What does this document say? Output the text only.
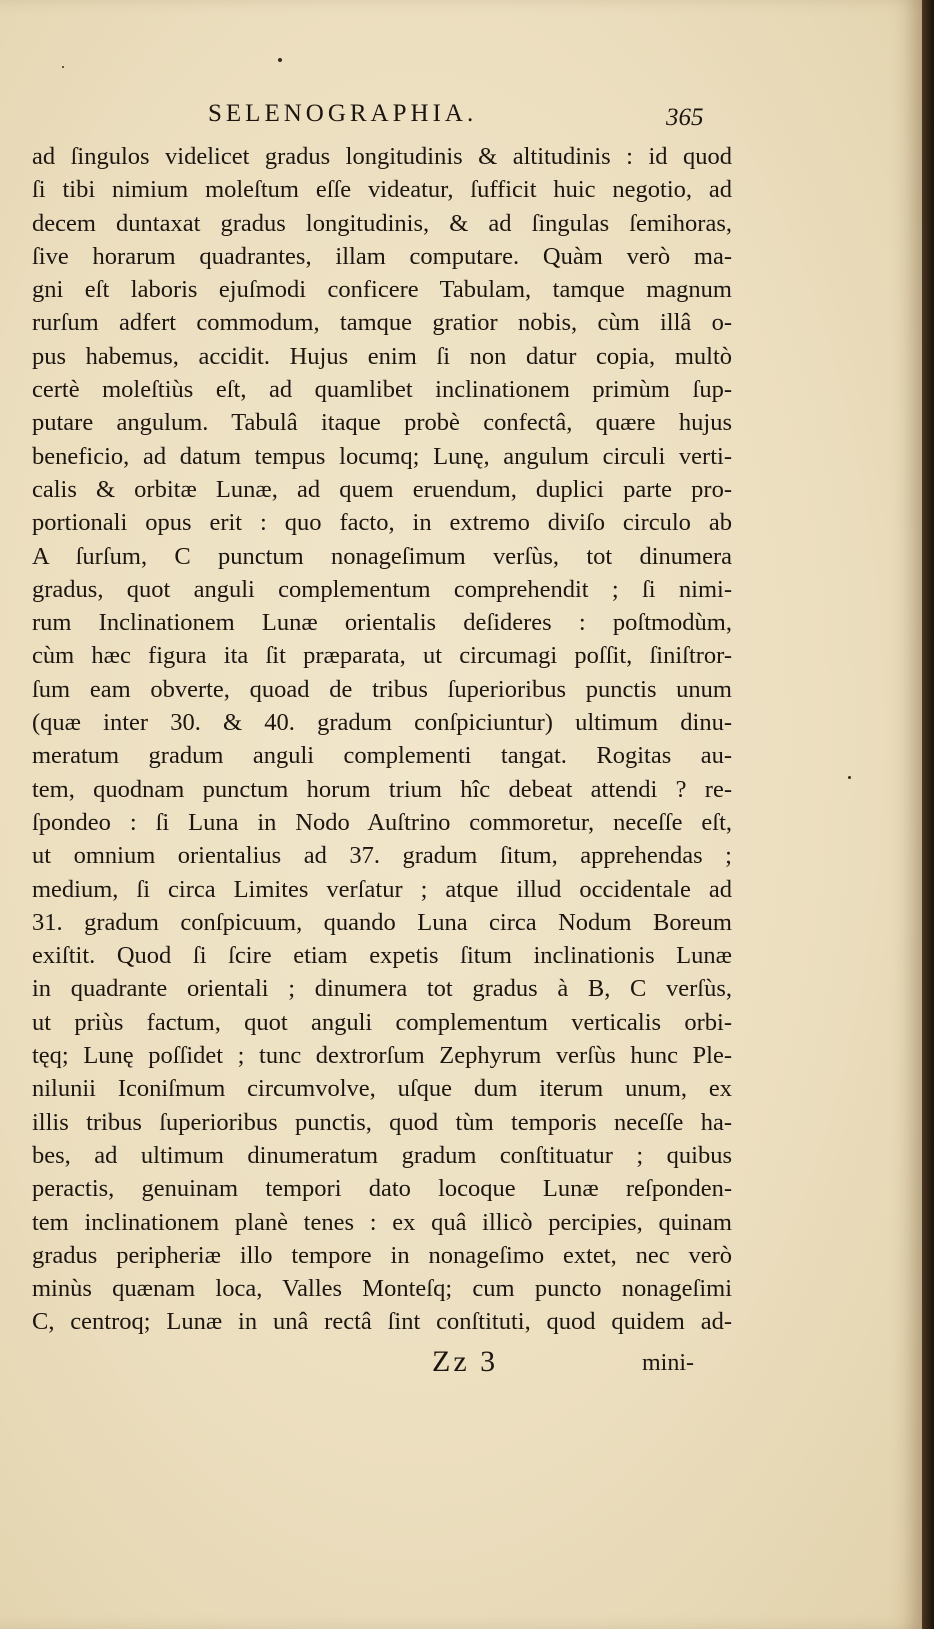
SELENOGRAPHIA.	365
ad ſingulos videlicet gradus longitudinis & altitudinis : id quod
ſi tibi nimium moleſtum eſſe videatur, ſufficit huic negotio, ad
decem duntaxat gradus longitudinis, & ad ſingulas ſemihoras,
ſive horarum quadrantes, illam computare. Quàm verò ma-
gni eſt laboris ejuſmodi conficere Tabulam, tamque magnum
rurſum adfert commodum, tamque gratior nobis, cùm illâ o-
pus habemus, accidit. Hujus enim ſi non datur copia, multò
certè moleſtiùs eſt, ad quamlibet inclinationem primùm ſup-
putare angulum. Tabulâ itaque probè confectâ, quære hujus
beneficio, ad datum tempus locumq; Lunę, angulum circuli verti-
calis & orbitæ Lunæ, ad quem eruendum, duplici parte pro-
portionali opus erit : quo facto, in extremo diviſo circulo ab
A ſurſum, C punctum nonageſimum verſùs, tot dinumera
gradus, quot anguli complementum comprehendit ; ſi nimi-
rum Inclinationem Lunæ orientalis deſideres : poſtmodùm,
cùm hæc figura ita ſit præparata, ut circumagi poſſit, ſiniſtror-
ſum eam obverte, quoad de tribus ſuperioribus punctis unum
(quæ inter 30. & 40. gradum conſpiciuntur) ultimum dinu-
meratum gradum anguli complementi tangat. Rogitas au-
tem, quodnam punctum horum trium hîc debeat attendi ? re-
ſpondeo : ſi Luna in Nodo Auſtrino commoretur, neceſſe eſt,
ut omnium orientalius ad 37. gradum ſitum, apprehendas ;
medium, ſi circa Limites verſatur ; atque illud occidentale ad
31. gradum conſpicuum, quando Luna circa Nodum Boreum
exiſtit. Quod ſi ſcire etiam expetis ſitum inclinationis Lunæ
in quadrante orientali ; dinumera tot gradus à B, C verſùs,
ut priùs factum, quot anguli complementum verticalis orbi-
tęq; Lunę poſſidet ; tunc dextrorſum Zephyrum verſùs hunc Ple-
nilunii Iconiſmum circumvolve, uſque dum iterum unum, ex
illis tribus ſuperioribus punctis, quod tùm temporis neceſſe ha-
bes, ad ultimum dinumeratum gradum conſtituatur ; quibus
peractis, genuinam tempori dato locoque Lunæ reſponden-
tem inclinationem planè tenes : ex quâ illicò percipies, quinam
gradus peripheriæ illo tempore in nonageſimo extet, nec verò
minùs quænam loca, Valles Monteſq; cum puncto nonageſimi
C, centroq; Lunæ in unâ rectâ ſint conſtituti, quod quidem ad-
Zz 3	mini-
